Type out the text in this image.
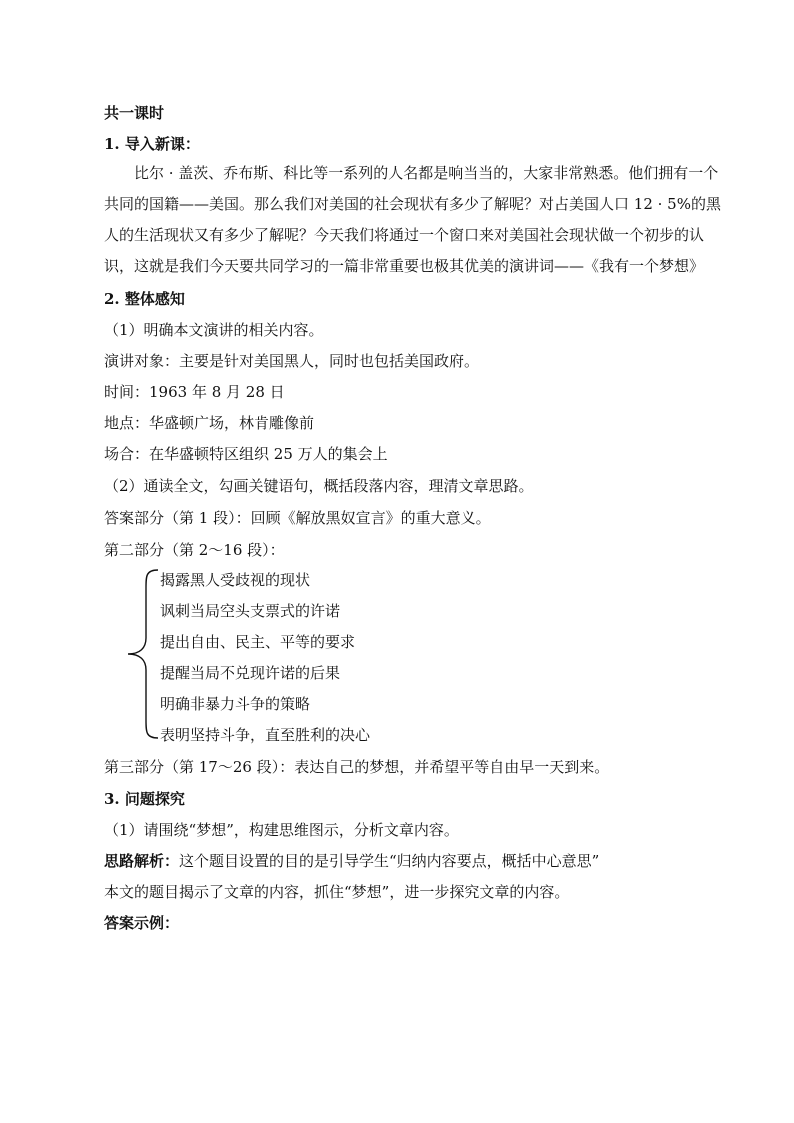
共一课时
1. 导入新课：
比尔 · 盖茨、乔布斯、科比等一系列的人名都是响当当的，大家非常熟悉。他们拥有一个
共同的国籍——美国。那么我们对美国的社会现状有多少了解呢？对占美国人口 12 · 5%的黑
人的生活现状又有多少了解呢？今天我们将通过一个窗口来对美国社会现状做一个初步的认
识，这就是我们今天要共同学习的一篇非常重要也极其优美的演讲词——《我有一个梦想》
2. 整体感知
（1）明确本文演讲的相关内容。
演讲对象：主要是针对美国黑人，同时也包括美国政府。
时间：1963 年 8 月 28 日
地点：华盛顿广场，林肯雕像前
场合：在华盛顿特区组织 25 万人的集会上
（2）通读全文，勾画关键语句，概括段落内容，理清文章思路。
答案部分（第 1 段）：回顾《解放黑奴宣言》的重大意义。
第二部分（第 2～16 段）：
揭露黑人受歧视的现状
讽刺当局空头支票式的许诺
提出自由、民主、平等的要求
提醒当局不兑现许诺的后果
明确非暴力斗争的策略
表明坚持斗争，直至胜利的决心
第三部分（第 17～26 段）：表达自己的梦想，并希望平等自由早一天到来。
3. 问题探究
（1）请围绕“梦想”，构建思维图示，分析文章内容。
思路解析：这个题目设置的目的是引导学生“归纳内容要点，概括中心意思”
本文的题目揭示了文章的内容，抓住“梦想”，进一步探究文章的内容。
答案示例：
